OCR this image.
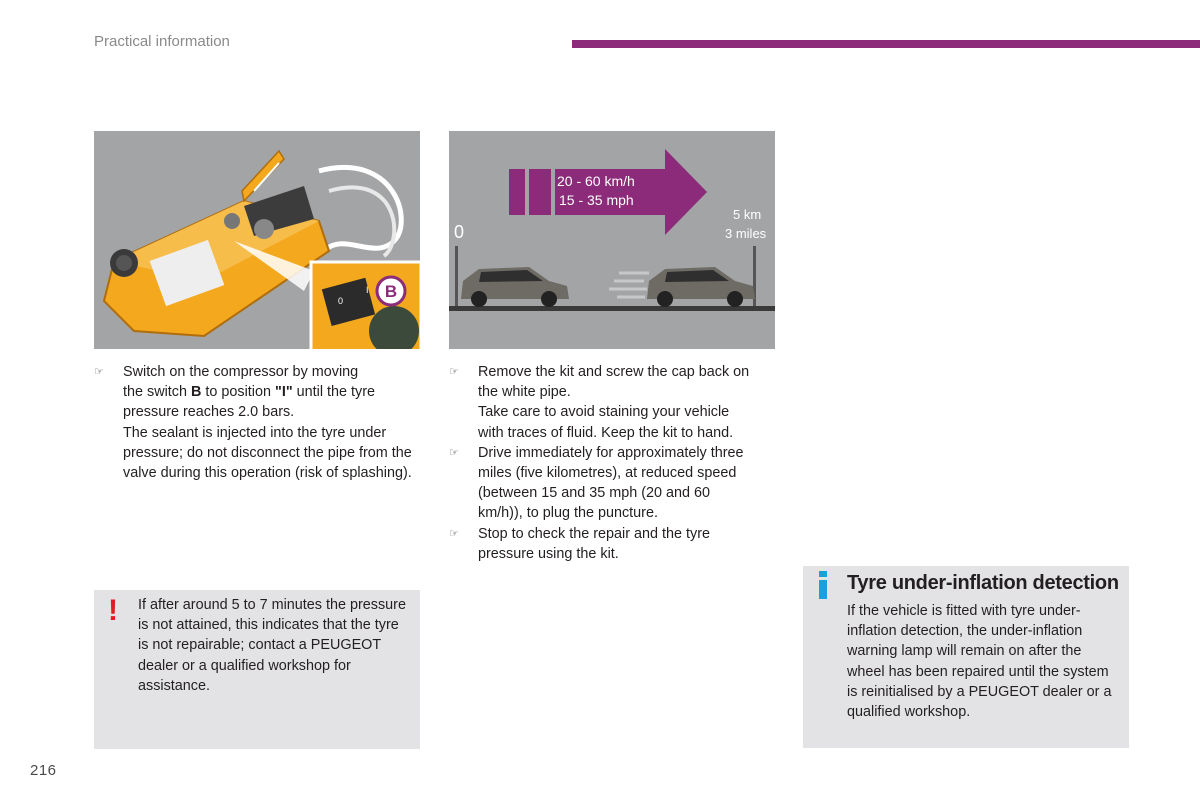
Practical information
B
0
I
20 - 60 km/h
15 - 35 mph
0
5 km
3 miles
☞ Switch on the compressor by moving

the switch B to position "I" until the tyre

pressure reaches 2.0 bars.

The sealant is injected into the tyre under pressure; do not disconnect the pipe from the valve during this operation (risk of splashing).

☞ Remove the kit and screw the cap back on the white pipe.

Take care to avoid staining your vehicle with traces of fluid. Keep the kit to hand.

☞ Drive immediately for approximately three miles (five kilometres), at reduced speed (between 15 and 35 mph (20 and 60 km/h)), to plug the puncture.

☞ Stop to check the repair and the tyre pressure using the kit.

! If after around 5 to 7 minutes the pressure is not attained, this indicates that the tyre is not repairable; contact a PEUGEOT dealer or a qualified workshop for assistance.
Tyre under-inflation detection
If the vehicle is fitted with tyre under-inflation detection, the under-inflation warning lamp will remain on after the wheel has been repaired until the system is reinitialised by a PEUGEOT dealer or a qualified workshop.
216
